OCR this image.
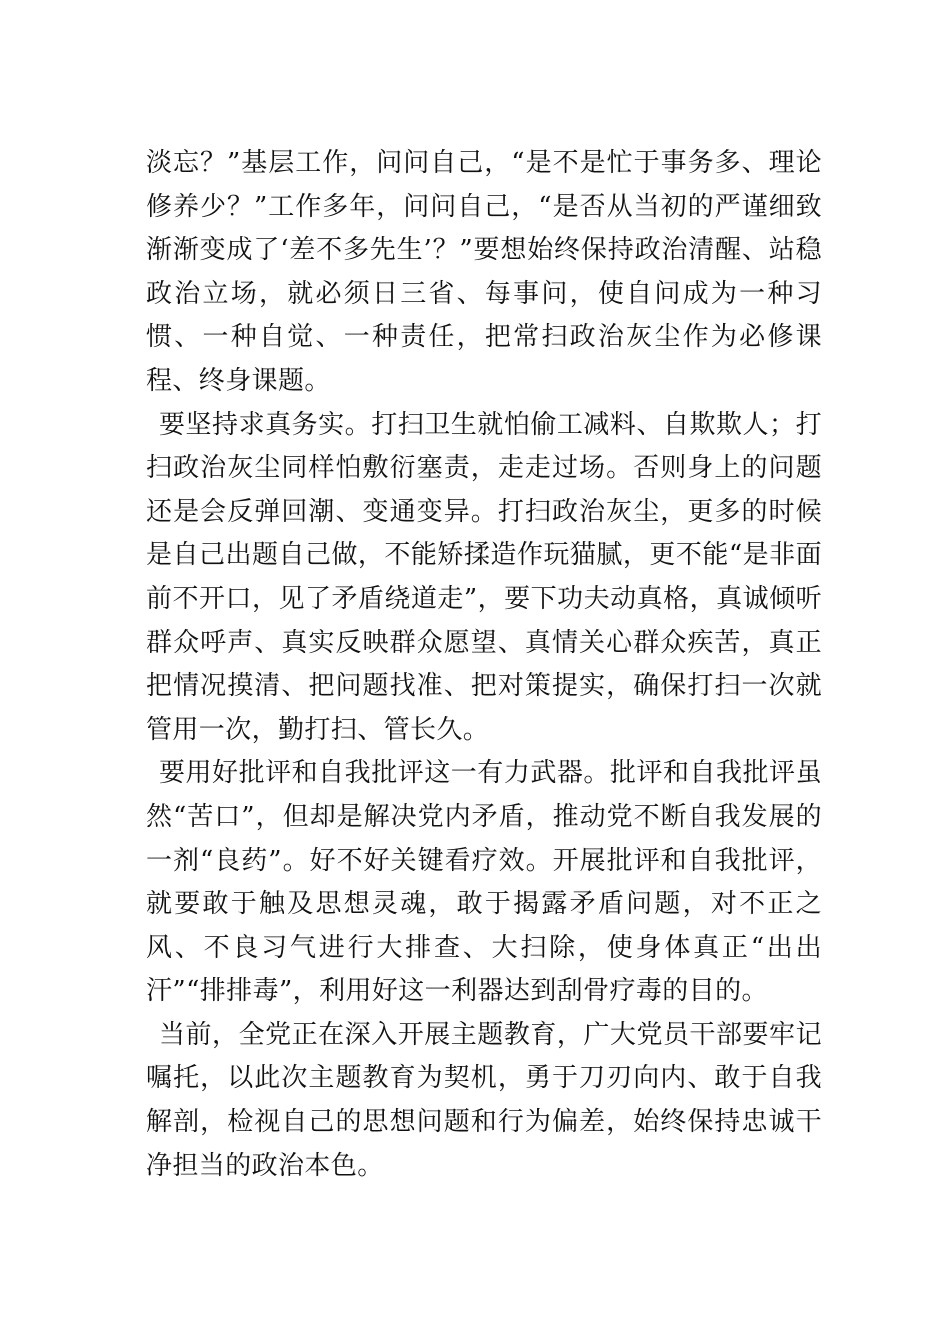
淡忘？”基层工作，问问自己，“是不是忙于事务多、理论修养少？”工作多年，问问自己，“是否从当初的严谨细致渐渐变成了‘差不多先生’？”要想始终保持政治清醒、站稳政治立场，就必须日三省、每事问，使自问成为一种习惯、一种自觉、一种责任，把常扫政治灰尘作为必修课程、终身课题。

要坚持求真务实。打扫卫生就怕偷工减料、自欺欺人；打扫政治灰尘同样怕敷衍塞责，走走过场。否则身上的问题还是会反弹回潮、变通变异。打扫政治灰尘，更多的时候是自己出题自己做，不能矫揉造作玩猫腻，更不能“是非面前不开口，见了矛盾绕道走”，要下功夫动真格，真诚倾听群众呼声、真实反映群众愿望、真情关心群众疾苦，真正把情况摸清、把问题找准、把对策提实，确保打扫一次就管用一次，勤打扫、管长久。

要用好批评和自我批评这一有力武器。批评和自我批评虽然“苦口”，但却是解决党内矛盾，推动党不断自我发展的一剂“良药”。好不好关键看疗效。开展批评和自我批评，就要敢于触及思想灵魂，敢于揭露矛盾问题，对不正之风、不良习气进行大排查、大扫除，使身体真正“出出汗”“排排毒”，利用好这一利器达到刮骨疗毒的目的。

当前，全党正在深入开展主题教育，广大党员干部要牢记嘱托，以此次主题教育为契机，勇于刀刃向内、敢于自我解剖，检视自己的思想问题和行为偏差，始终保持忠诚干净担当的政治本色。
